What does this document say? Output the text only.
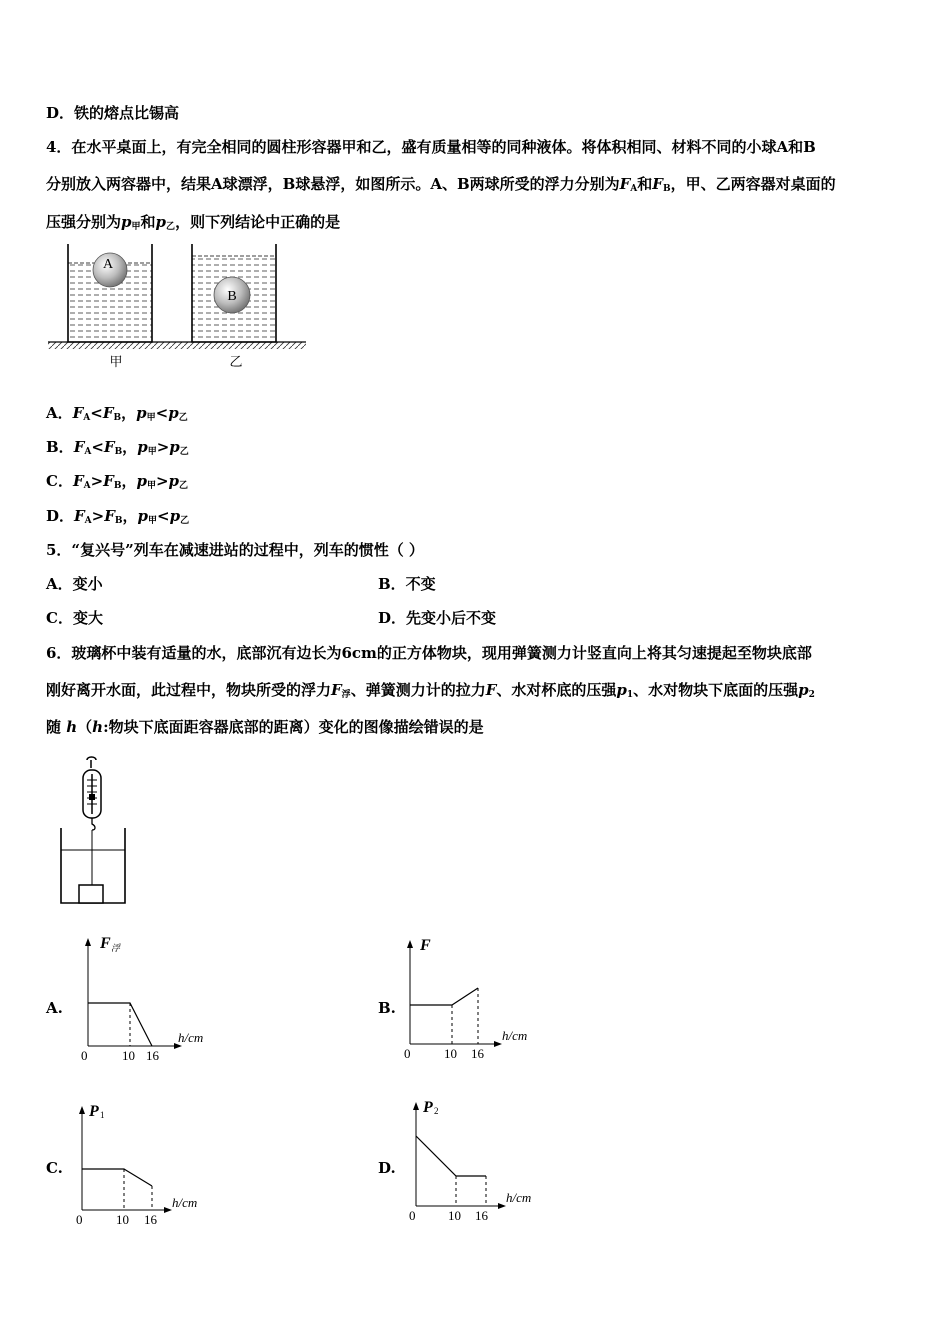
D．铁的熔点比锡高
4．在水平桌面上，有完全相同的圆柱形容器甲和乙，盛有质量相等的同种液体。将体积相同、材料不同的小球A和B
分别放入两容器中，结果A球漂浮，B球悬浮，如图所示。A、B两球所受的浮力分别为$F_A$和$F_B$，甲、乙两容器对桌面的
压强分别为$p_甲$和$p_乙$，则下列结论中正确的是
A
B
甲	乙
A．$F_A<F_B$，$p_甲<p_乙$
B．$F_A<F_B$，$p_甲>p_乙$
C．$F_A>F_B$，$p_甲>p_乙$
D．$F_A>F_B$，$p_甲<p_乙$
5．“复兴号”列车在减速进站的过程中，列车的惯性（ ）
A．变小	B．不变
C．变大	D．先变小后不变
6．玻璃杯中装有适量的水，底部沉有边长为6cm的正方体物块，现用弹簧测力计竖直向上将其匀速提起至物块底部
刚好离开水面，此过程中，物块所受的浮力$F_浮$、弹簧测力计的拉力F、水对杯底的压强$p_1$、水对物块下底面的压强$p_2$
随 h（h:物块下底面距容器底部的距离）变化的图像描绘错误的是
A.
F 浮
h/cm
0	10 16
B.
F
h/cm
0	10 16
C.
P 1
h/cm
0	10 16
D.
P 2
h/cm
0	10 16
